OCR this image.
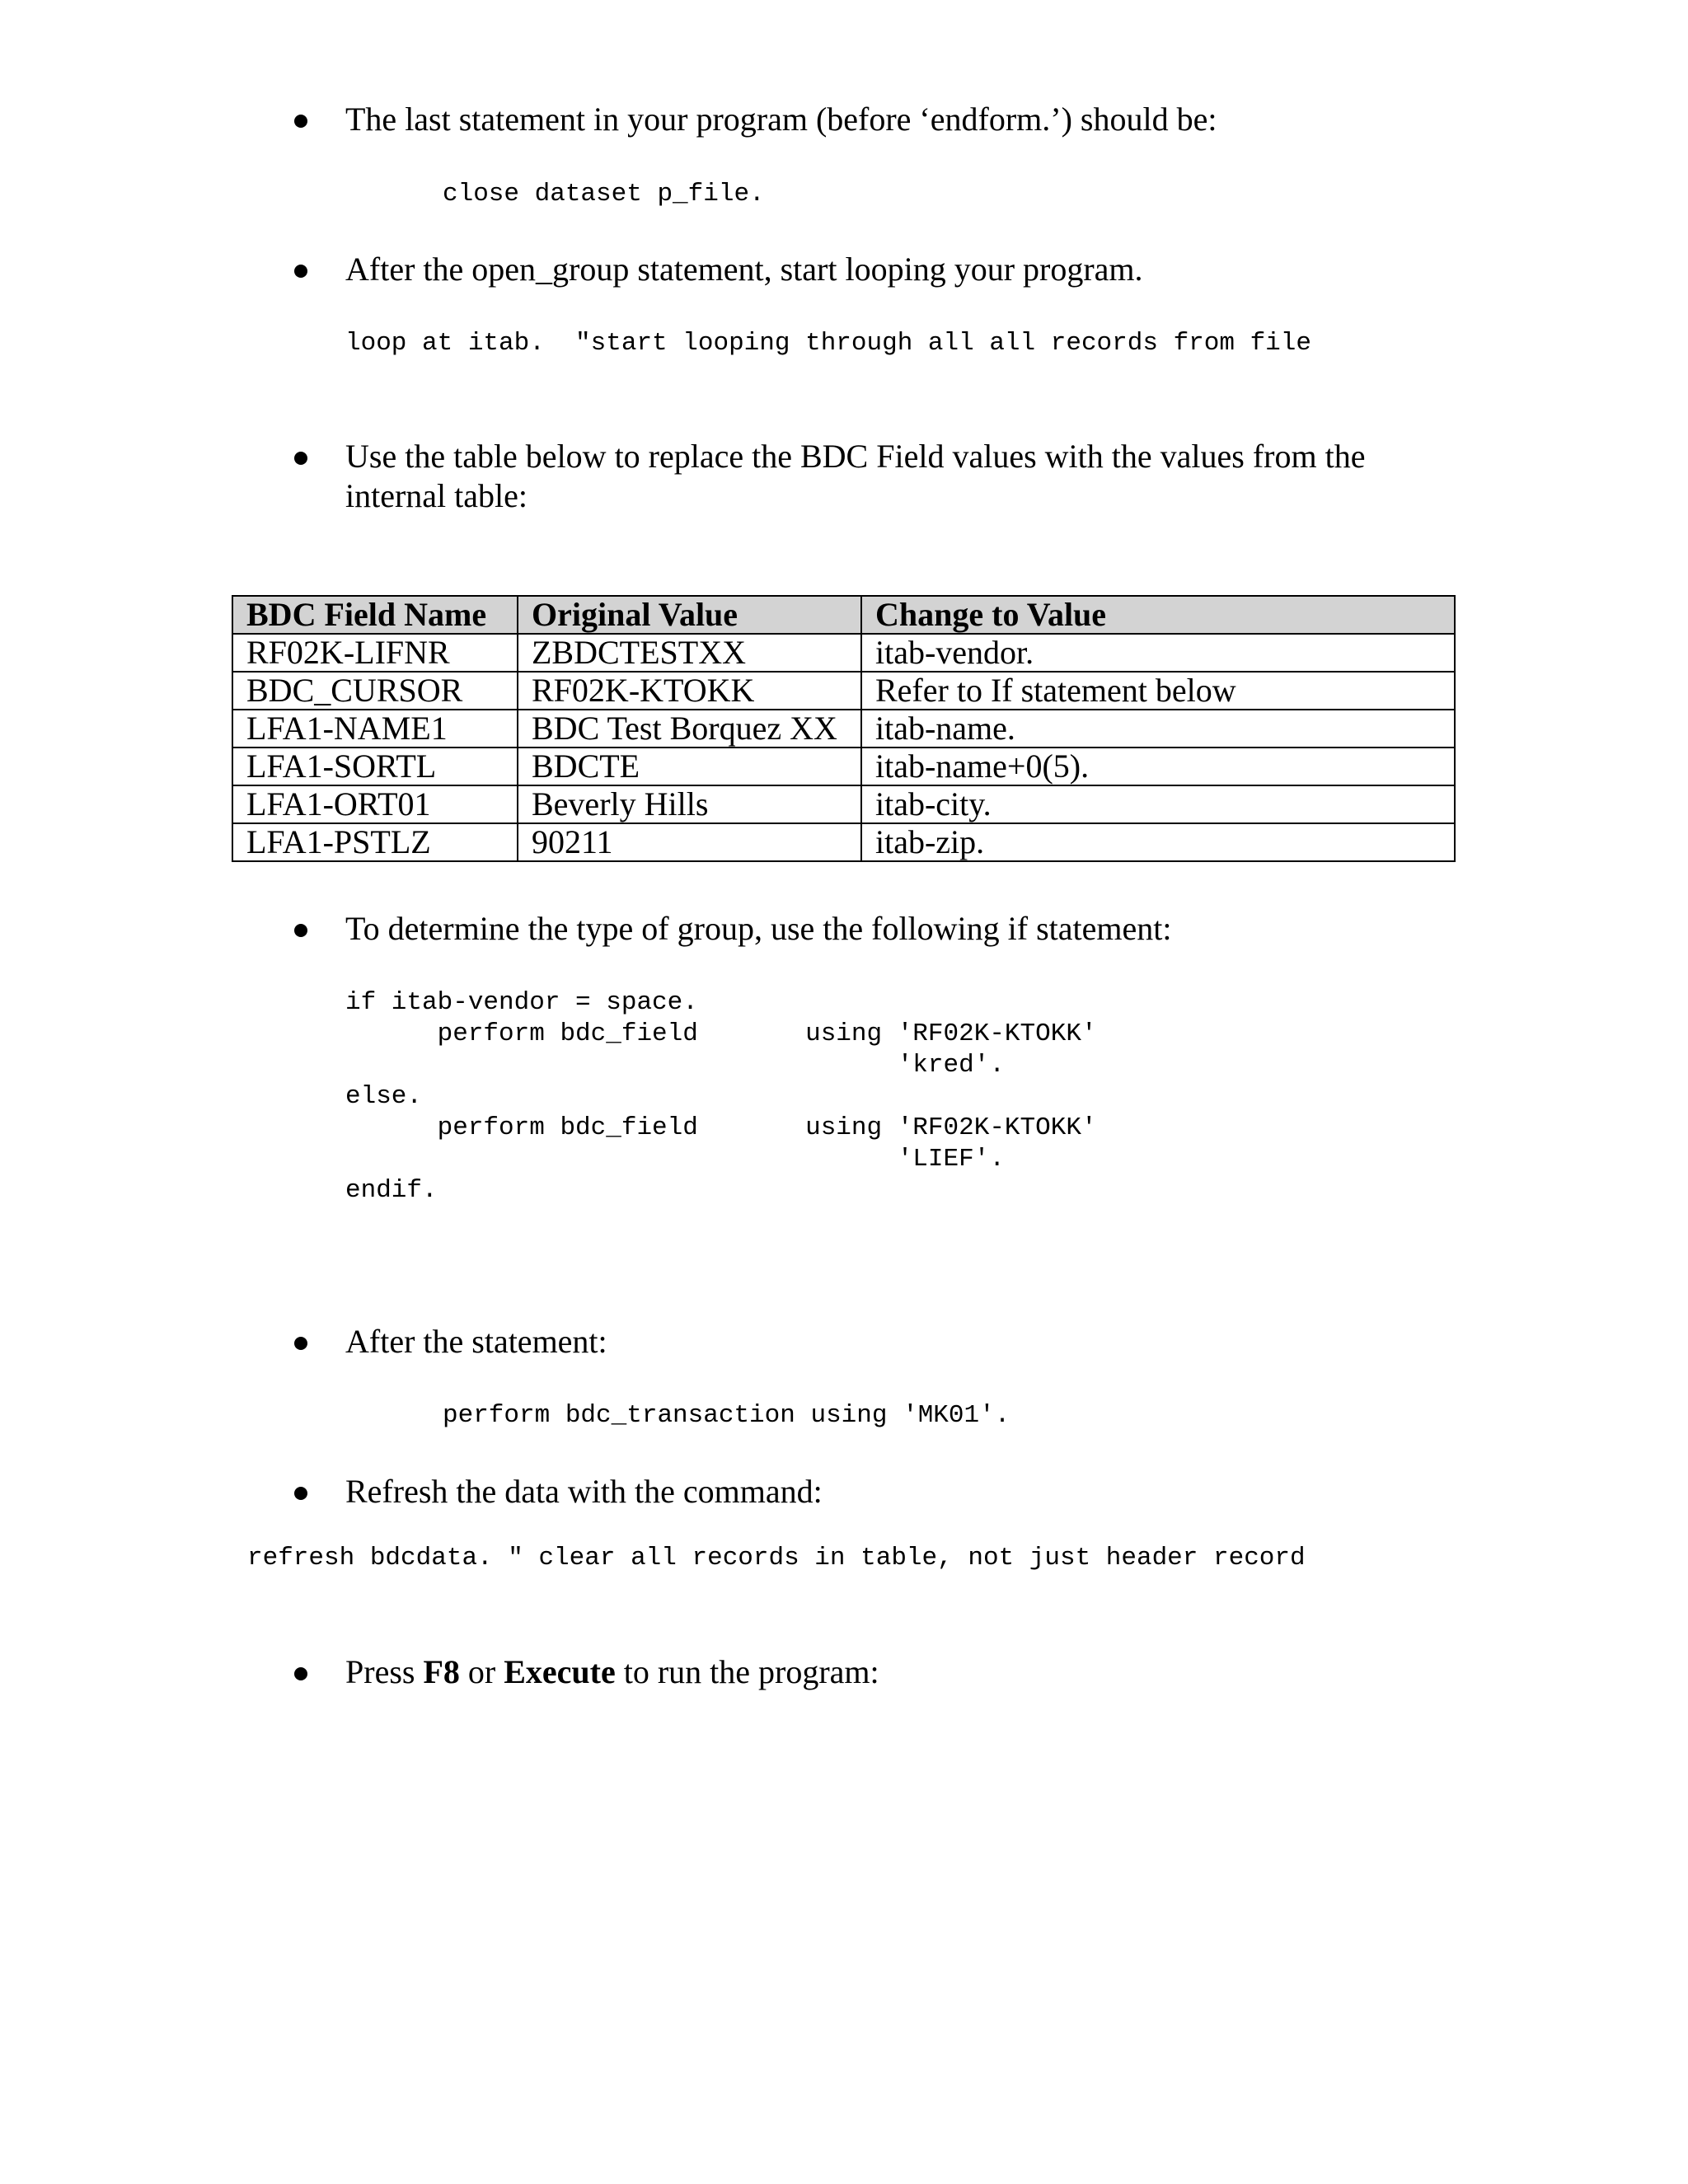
The last statement in your program (before ‘endform.’) should be:
close dataset p_file.
After the open_group statement, start looping your program.
loop at itab.  "start looping through all all records from file
Use the table below to replace the BDC Field values with the values from the internal table:
BDC Field Name	Original Value	Change to Value
RF02K-LIFNR	ZBDCTESTXX	itab-vendor.
BDC_CURSOR	RF02K-KTOKK	Refer to If statement below
LFA1-NAME1	BDC Test Borquez XX	itab-name.
LFA1-SORTL	BDCTE	itab-name+0(5).
LFA1-ORT01	Beverly Hills	itab-city.
LFA1-PSTLZ	90211	itab-zip.
To determine the type of group, use the following if statement:
if itab-vendor = space.
perform bdc_field       using 'RF02K-KTOKK'
'kred'.
else.
perform bdc_field       using 'RF02K-KTOKK'
'LIEF'.
endif.
After the statement:
perform bdc_transaction using 'MK01'.
Refresh the data with the command:
refresh bdcdata. " clear all records in table, not just header record
Press F8 or Execute to run the program:
